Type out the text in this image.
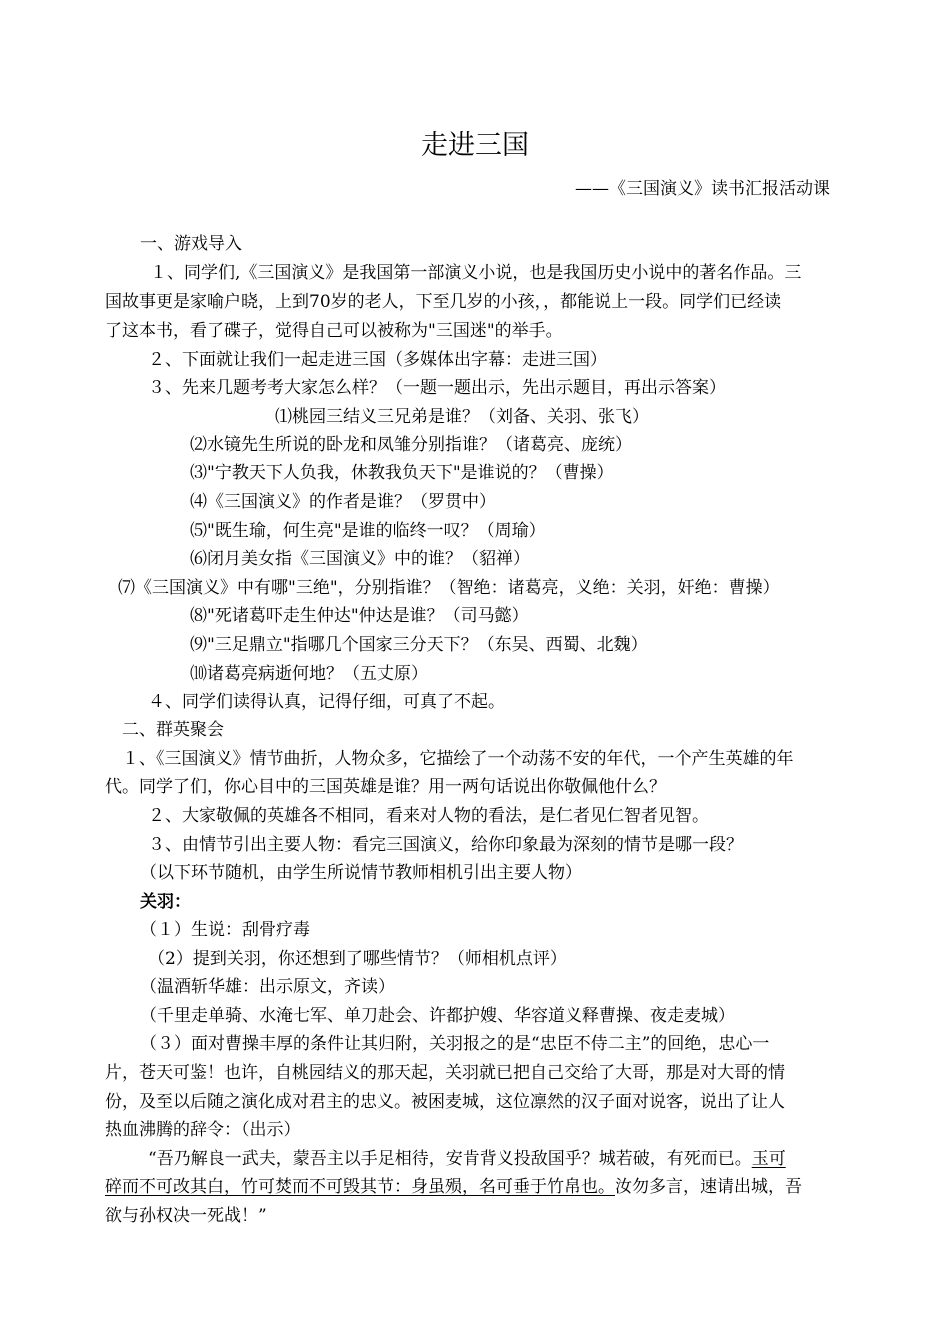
走进三国
——《三国演义》读书汇报活动课
一、游戏导入
１、同学们,《三国演义》是我国第一部演义小说，也是我国历史小说中的著名作品。三
国故事更是家喻户晓，上到70岁的老人，下至几岁的小孩，，都能说上一段。同学们已经读
了这本书，看了碟子，觉得自己可以被称为"三国迷"的举手。
２、下面就让我们一起走进三国（多媒体出字幕：走进三国）
３、先来几题考考大家怎么样？（一题一题出示，先出示题目，再出示答案）
⑴桃园三结义三兄弟是谁？（刘备、关羽、张飞）
⑵水镜先生所说的卧龙和凤雏分别指谁？（诸葛亮、庞统）
⑶"宁教天下人负我，休教我负天下"是谁说的？（曹操）
⑷《三国演义》的作者是谁？（罗贯中）
⑸"既生瑜，何生亮"是谁的临终一叹？（周瑜）
⑹闭月美女指《三国演义》中的谁？（貂禅）
⑺《三国演义》中有哪"三绝"，分别指谁？（智绝：诸葛亮，义绝：关羽，奸绝：曹操）
⑻"死诸葛吓走生仲达"仲达是谁？（司马懿）
⑼"三足鼎立"指哪几个国家三分天下？（东吴、西蜀、北魏）
⑽诸葛亮病逝何地？（五丈原）
４、同学们读得认真，记得仔细，可真了不起。
二、群英聚会
１、《三国演义》情节曲折，人物众多，它描绘了一个动荡不安的年代，一个产生英雄的年
代。同学了们，你心目中的三国英雄是谁？用一两句话说出你敬佩他什么？
２、大家敬佩的英雄各不相同，看来对人物的看法，是仁者见仁智者见智。
３、由情节引出主要人物：看完三国演义，给你印象最为深刻的情节是哪一段？
（以下环节随机，由学生所说情节教师相机引出主要人物）
关羽：
（１）生说：刮骨疗毒
（2）提到关羽，你还想到了哪些情节？（师相机点评）
（温酒斩华雄：出示原文，齐读）
（千里走单骑、水淹七军、单刀赴会、许都护嫂、华容道义释曹操、夜走麦城）
（３）面对曹操丰厚的条件让其归附，关羽报之的是“忠臣不侍二主”的回绝，忠心一
片，苍天可鉴！也许，自桃园结义的那天起，关羽就已把自己交给了大哥，那是对大哥的情
份，及至以后随之演化成对君主的忠义。被困麦城，这位凛然的汉子面对说客，说出了让人
热血沸腾的辞令：（出示）
“吾乃解良一武夫，蒙吾主以手足相待，安肯背义投敌国乎？城若破，有死而已。玉可
碎而不可改其白，竹可焚而不可毁其节：身虽殒，名可垂于竹帛也。汝勿多言，速请出城，吾
欲与孙权决一死战！”
